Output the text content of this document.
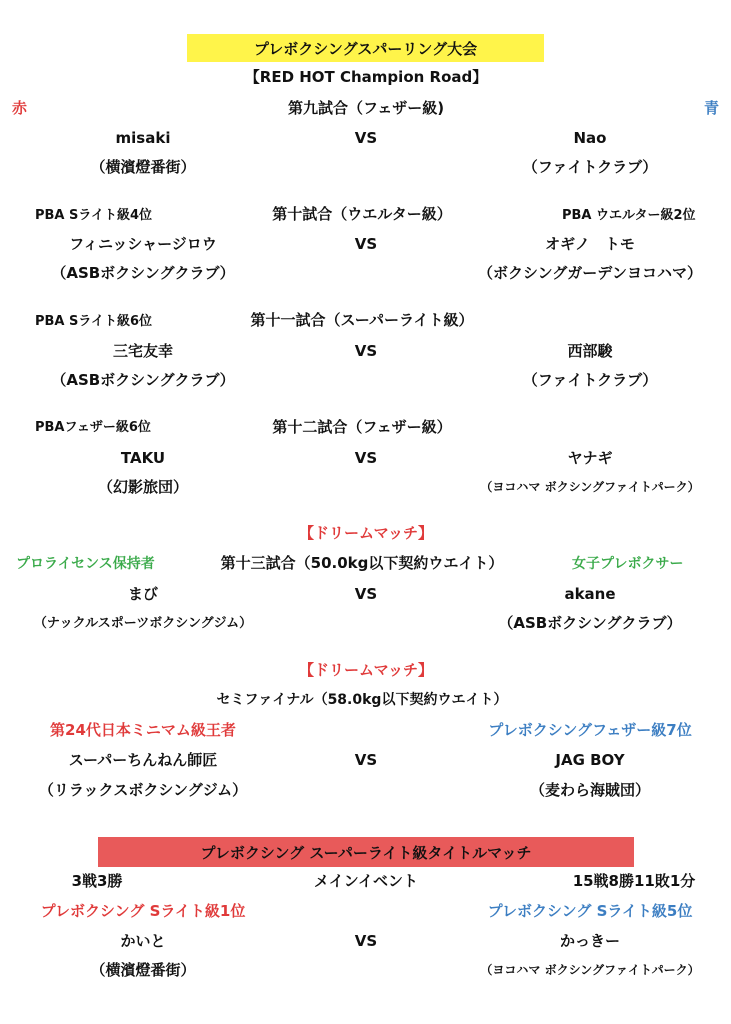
プレボクシングスパーリング大会
【RED HOT Champion Road】
赤	青
第九試合（フェザー級)
misaki	VS	Nao
（横濱燈番街）	（ファイトクラブ）
PBA Sライト級4位	第十試合（ウエルター級）	PBA ウエルター級2位
フィニッシャージロウ	VS	オギノ　トモ
（ASBボクシングクラブ）	（ボクシングガーデンヨコハマ）
PBA Sライト級6位	第十一試合（スーパーライト級）
三宅友幸	VS	西部駿
（ASBボクシングクラブ）	（ファイトクラブ）
PBAフェザー級6位	第十二試合（フェザー級）
TAKU	VS	ヤナギ
（幻影旅団）	（ヨコハマ ボクシングファイトパーク）
【ドリームマッチ】
プロライセンス保持者	第十三試合（50.0kg以下契約ウエイト）	女子プレボクサー
まび	VS	akane
（ナックルスポーツボクシングジム）	（ASBボクシングクラブ）
【ドリームマッチ】
セミファイナル（58.0kg以下契約ウエイト）
第24代日本ミニマム級王者	プレボクシングフェザー級7位
スーパーちんねん師匠	VS	JAG BOY
（リラックスボクシングジム）	（麦わら海賊団）
プレボクシング スーパーライト級タイトルマッチ
3戦3勝	メインイベント	15戦8勝11敗1分
プレボクシング Sライト級1位	プレボクシング Sライト級5位
かいと	VS	かっきー
（横濱燈番街）	（ヨコハマ ボクシングファイトパーク）
